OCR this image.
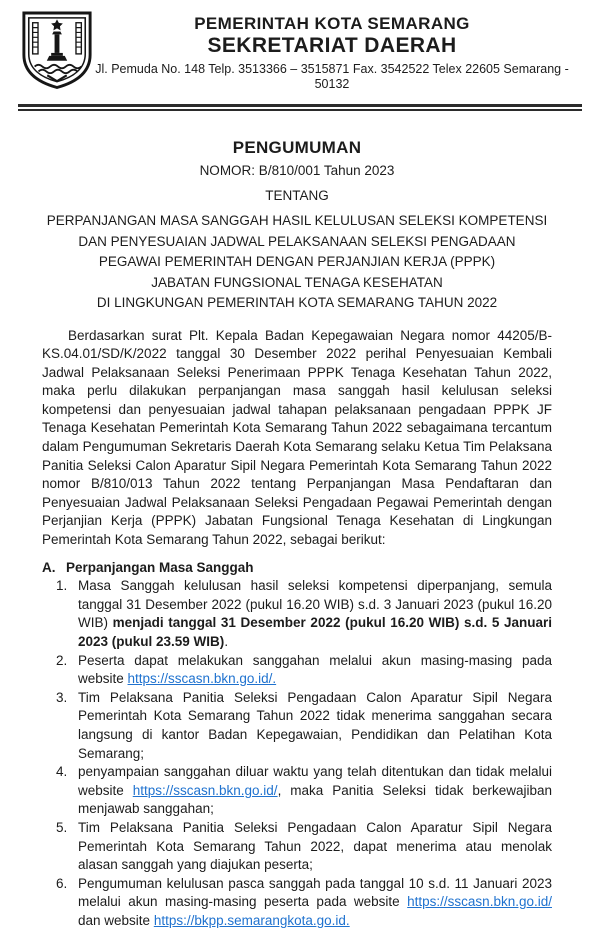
PEMERINTAH KOTA SEMARANG
SEKRETARIAT DAERAH
Jl. Pemuda No. 148 Telp. 3513366 – 3515871 Fax. 3542522 Telex 22605 Semarang - 50132
PENGUMUMAN
NOMOR: B/810/001 Tahun 2023
TENTANG
PERPANJANGAN MASA SANGGAH HASIL KELULUSAN SELEKSI KOMPETENSI
DAN PENYESUAIAN JADWAL PELAKSANAAN SELEKSI PENGADAAN
PEGAWAI PEMERINTAH DENGAN PERJANJIAN KERJA (PPPK)
JABATAN FUNGSIONAL TENAGA KESEHATAN
DI LINGKUNGAN PEMERINTAH KOTA SEMARANG TAHUN 2022

Berdasarkan surat Plt. Kepala Badan Kepegawaian Negara nomor 44205/B-KS.04.01/SD/K/2022 tanggal 30 Desember 2022 perihal Penyesuaian Kembali Jadwal Pelaksanaan Seleksi Penerimaan PPPK Tenaga Kesehatan Tahun 2022, maka perlu dilakukan perpanjangan masa sanggah hasil kelulusan seleksi kompetensi dan penyesuaian jadwal tahapan pelaksanaan pengadaan PPPK JF Tenaga Kesehatan Pemerintah Kota Semarang Tahun 2022 sebagaimana tercantum dalam Pengumuman Sekretaris Daerah Kota Semarang selaku Ketua Tim Pelaksana Panitia Seleksi Calon Aparatur Sipil Negara Pemerintah Kota Semarang Tahun 2022 nomor B/810/013 Tahun 2022 tentang Perpanjangan Masa Pendaftaran dan Penyesuaian Jadwal Pelaksanaan Seleksi Pengadaan Pegawai Pemerintah dengan Perjanjian Kerja (PPPK) Jabatan Fungsional Tenaga Kesehatan di Lingkungan Pemerintah Kota Semarang Tahun 2022, sebagai berikut:

A. Perpanjangan Masa Sanggah
1. Masa Sanggah kelulusan hasil seleksi kompetensi diperpanjang, semula tanggal 31 Desember 2022 (pukul 16.20 WIB) s.d. 3 Januari 2023 (pukul 16.20 WIB) menjadi tanggal 31 Desember 2022 (pukul 16.20 WIB) s.d. 5 Januari 2023 (pukul 23.59 WIB).
2. Peserta dapat melakukan sanggahan melalui akun masing-masing pada website https://sscasn.bkn.go.id/.
3. Tim Pelaksana Panitia Seleksi Pengadaan Calon Aparatur Sipil Negara Pemerintah Kota Semarang Tahun 2022 tidak menerima sanggahan secara langsung di kantor Badan Kepegawaian, Pendidikan dan Pelatihan Kota Semarang;
4. penyampaian sanggahan diluar waktu yang telah ditentukan dan tidak melalui website https://sscasn.bkn.go.id/, maka Panitia Seleksi tidak berkewajiban menjawab sanggahan;
5. Tim Pelaksana Panitia Seleksi Pengadaan Calon Aparatur Sipil Negara Pemerintah Kota Semarang Tahun 2022, dapat menerima atau menolak alasan sanggah yang diajukan peserta;
6. Pengumuman kelulusan pasca sanggah pada tanggal 10 s.d. 11 Januari 2023 melalui akun masing-masing peserta pada website https://sscasn.bkn.go.id/ dan website https://bkpp.semarangkota.go.id.
